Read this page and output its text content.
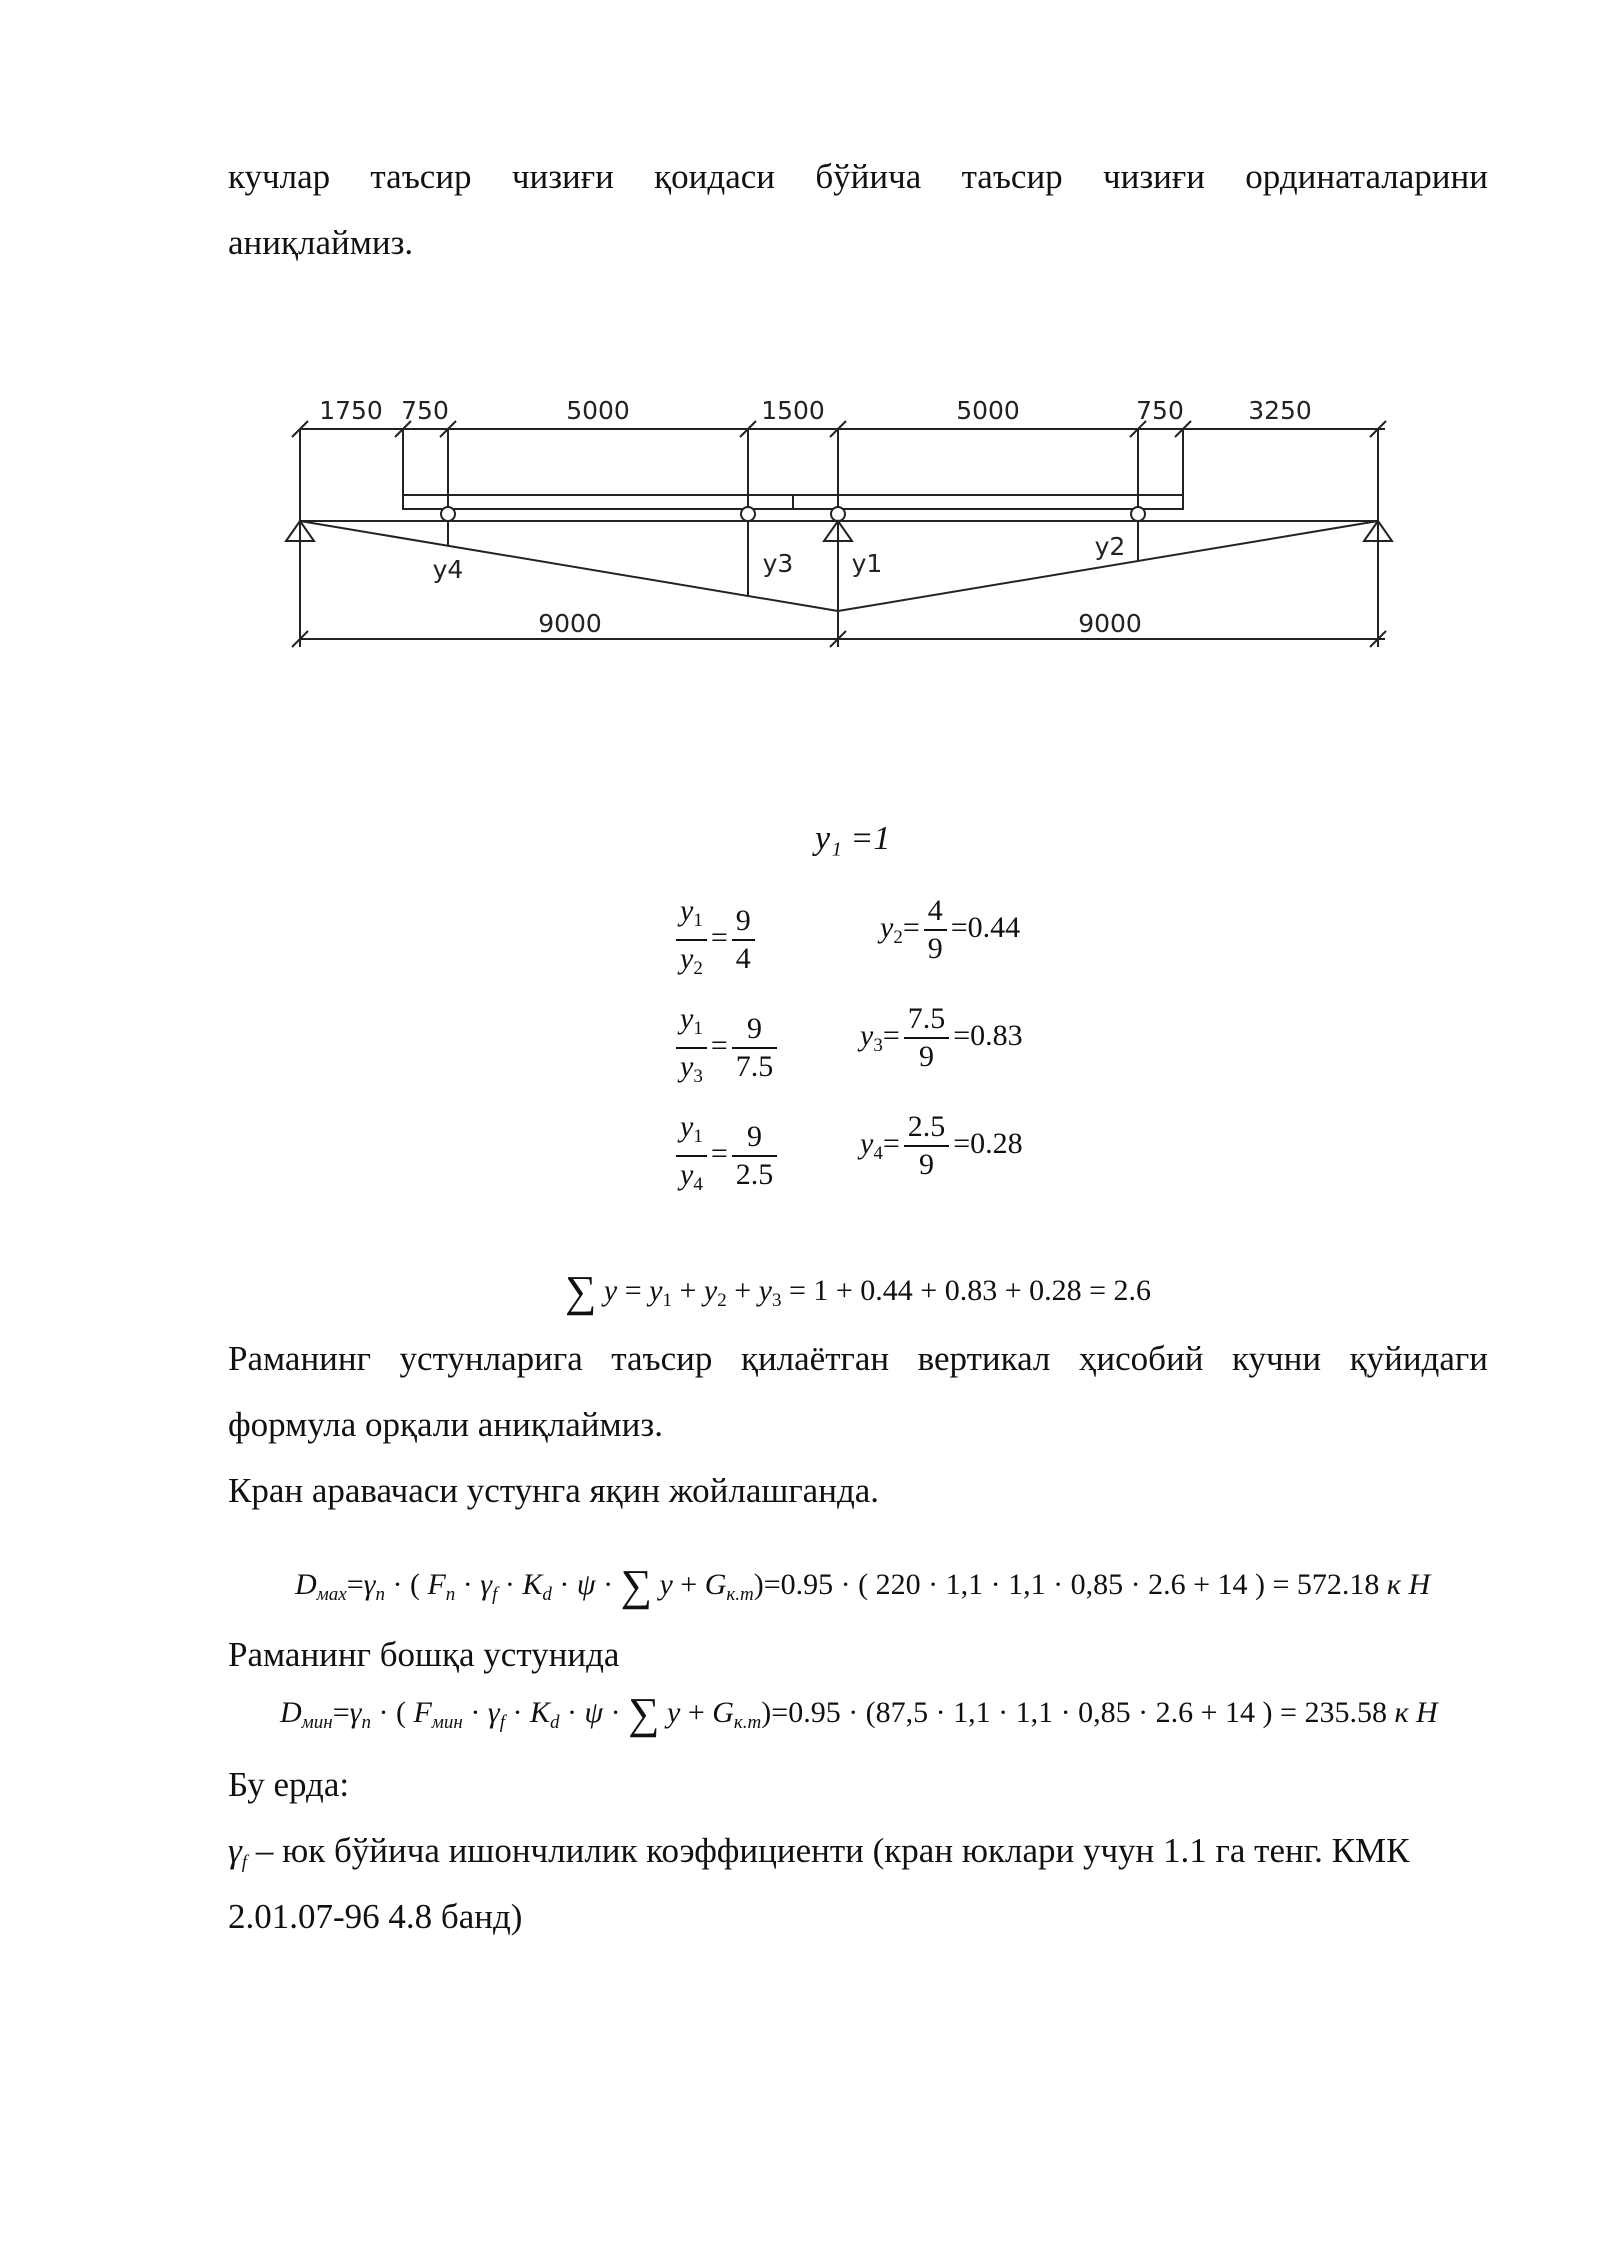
кучлар таъсир чизиғи қоидаси бўйича таъсир чизиғи ординаталарини

аниқлаймиз.

1750 750	5000	1500	5000	750	3250
9000	9000
y4	y3 y1
y2
y₁ =1
$\frac{y_1}{y_2} = \frac{9}{4}$	$y_2= \frac{4}{9} =0.44$
$\frac{y_1}{y_3} = \frac{9}{7.5}$	$y_3= \frac{7.5}{9} =0.83$
$\frac{y_1}{y_4} = \frac{9}{2.5}$	$y_4= \frac{2.5}{9} =0.28$
∑ $y = y_1 + y_2 + y_3 = 1 + 0.44 + 0.83 + 0.28 = 2.6$

Раманинг устунларига таъсир қилаётган вертикал ҳисобий кучни қуйидаги

формула орқали аниқлаймиз.

Кран аравачаси устунга яқин жойлашганда.

$D_{мах}=\gamma_n$ · ( $F_n \cdot \gamma_f \cdot K_d \cdot \psi$ · ∑ $y + G_{к.т})=0.95$ · ( 220 · 1,1 · 1,1 · 0,85 · 2.6 + 14 ) = 572.18 к Н

Раманинг бошқа устунида

$D_{мин}=\gamma_n$ · ( $F_{мин} \cdot \gamma_f \cdot K_d \cdot \psi$ · ∑ $y + G_{к.т})=0.95 \cdot (87,5 \cdot 1,1 \cdot 1,1 \cdot 0,85 \cdot 2.6 + 14$ ) = 235.58 к Н

Бу ерда:

$\gamma_f$ – юк бўйича ишончлилик коэффициенти (кран юклари учун 1.1 га тенг. КМК

2.01.07-96 4.8 банд)
